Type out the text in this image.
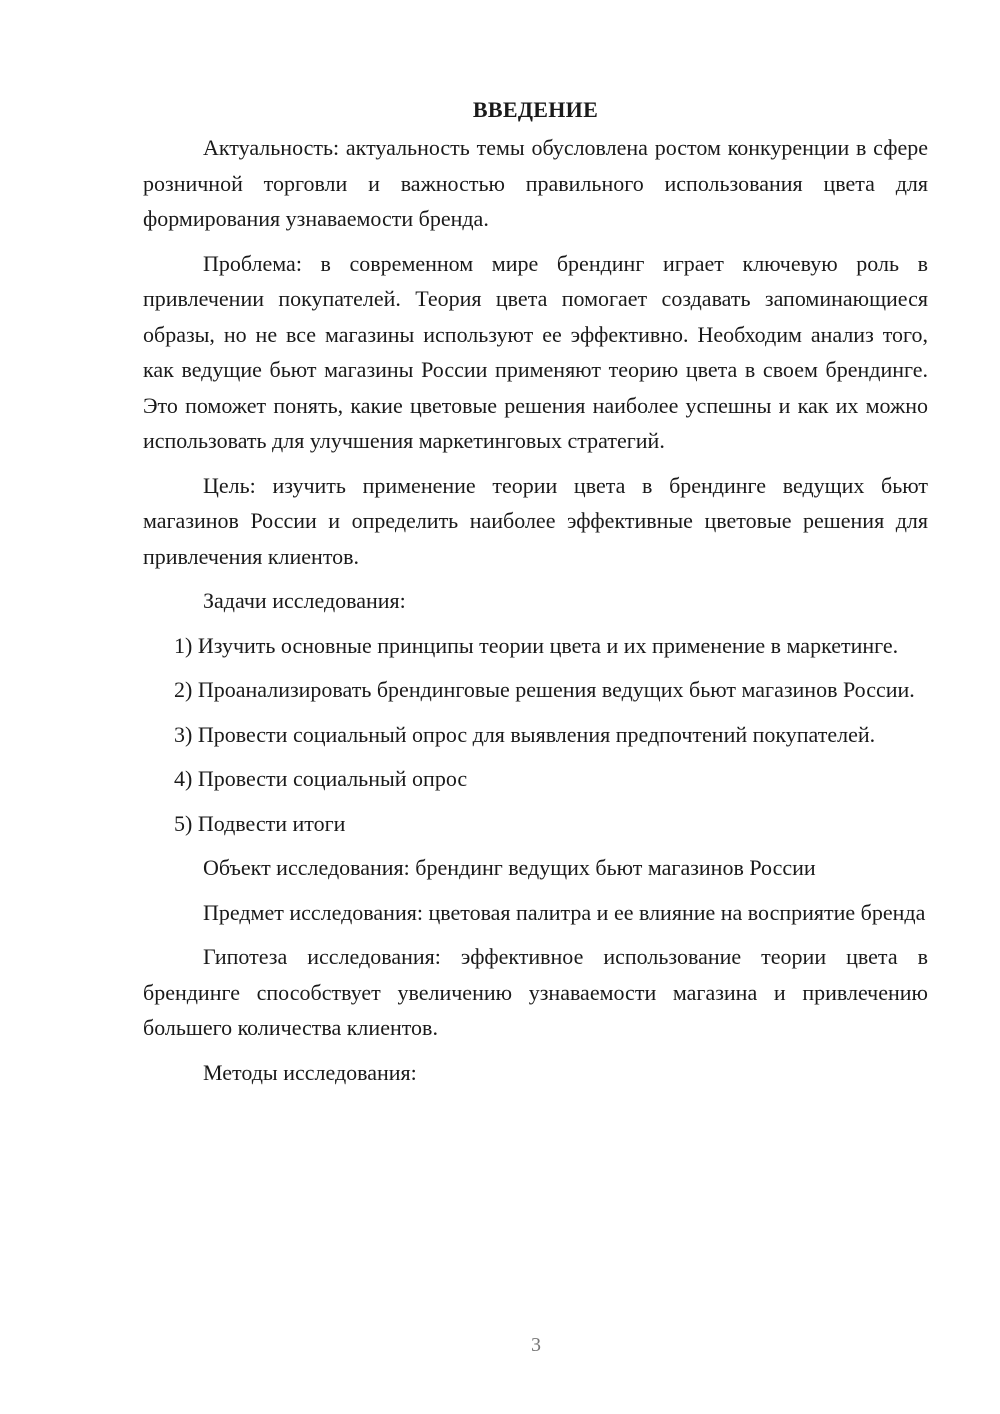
ВВЕДЕНИЕ

Актуальность: актуальность темы обусловлена ростом конкуренции в сфере розничной торговли и важностью правильного использования цвета для формирования узнаваемости бренда.

Проблема: в современном мире брендинг играет ключевую роль в привлечении покупателей. Теория цвета помогает создавать запоминающиеся образы, но не все магазины используют ее эффективно. Необходим анализ того, как ведущие бьют магазины России применяют теорию цвета в своем брендинге. Это поможет понять, какие цветовые решения наиболее успешны и как их можно использовать для улучшения маркетинговых стратегий.

Цель: изучить применение теории цвета в брендинге ведущих бьют магазинов России и определить наиболее эффективные цветовые решения для привлечения клиентов.

Задачи исследования:

1) Изучить основные принципы теории цвета и их применение в маркетинге.

2) Проанализировать брендинговые решения ведущих бьют магазинов России.

3) Провести социальный опрос для выявления предпочтений покупателей.

4) Провести социальный опрос

5) Подвести итоги

Объект исследования: брендинг ведущих бьют магазинов России

Предмет исследования: цветовая палитра и ее влияние на восприятие бренда

Гипотеза исследования: эффективное использование теории цвета в брендинге способствует увеличению узнаваемости магазина и привлечению большего количества клиентов.

Методы исследования:

3
